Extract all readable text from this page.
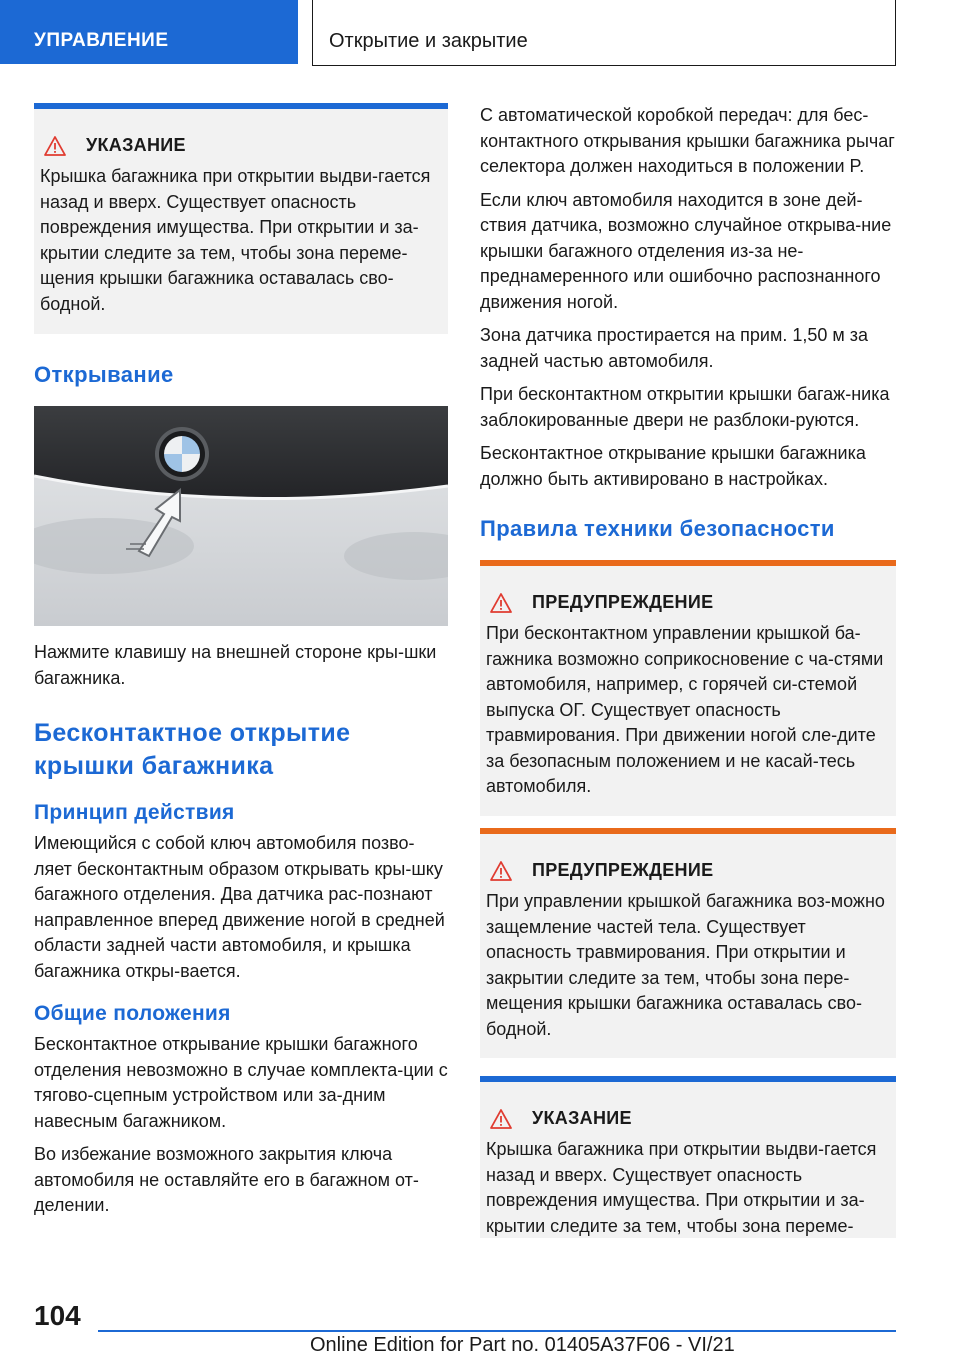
УПРАВЛЕНИЕ	Открытие и закрытие
УКАЗАНИЕ
Крышка багажника при открытии выдви-гается назад и вверх. Существует опасность повреждения имущества. При открытии и за-крытии следите за тем, чтобы зона переме-щения крышки багажника оставалась сво-бодной.
Открывание

Нажмите клавишу на внешней стороне кры-шки багажника.

Бесконтактное открытие крышки багажника
Принцип действия

Имеющийся с собой ключ автомобиля позво-ляет бесконтактным образом открывать кры-шку багажного отделения. Два датчика рас-познают направленное вперед движение ногой в средней области задней части автомобиля, и крышка багажника откры-вается.

Общие положения

Бесконтактное открывание крышки багажного отделения невозможно в случае комплекта-ции с тягово-сцепным устройством или за-дним навесным багажником.

Во избежание возможного закрытия ключа автомобиля не оставляйте его в багажном от-делении.

С автоматической коробкой передач: для бес-контактного открывания крышки багажника рычаг селектора должен находиться в положении P.

Если ключ автомобиля находится в зоне дей-ствия датчика, возможно случайное открыва-ние крышки багажного отделения из-за не-преднамеренного или ошибочно распознанного движения ногой.

Зона датчика простирается на прим. 1,50 м за задней частью автомобиля.

При бесконтактном открытии крышки багаж-ника заблокированные двери не разблоки-руются.

Бесконтактное открывание крышки багажника должно быть активировано в настройках.

Правила техники безопасности
ПРЕДУПРЕЖДЕНИЕ
При бесконтактном управлении крышкой ба-гажника возможно соприкосновение с ча-стями автомобиля, например, с горячей си-стемой выпуска ОГ. Существует опасность травмирования. При движении ногой сле-дите за безопасным положением и не касай-тесь автомобиля.
ПРЕДУПРЕЖДЕНИЕ
При управлении крышкой багажника воз-можно защемление частей тела. Существует опасность травмирования. При открытии и закрытии следите за тем, чтобы зона пере-мещения крышки багажника оставалась сво-бодной.
УКАЗАНИЕ
Крышка багажника при открытии выдви-гается назад и вверх. Существует опасность повреждения имущества. При открытии и за-крытии следите за тем, чтобы зона переме-
104
Online Edition for Part no. 01405A37F06 - VI/21
